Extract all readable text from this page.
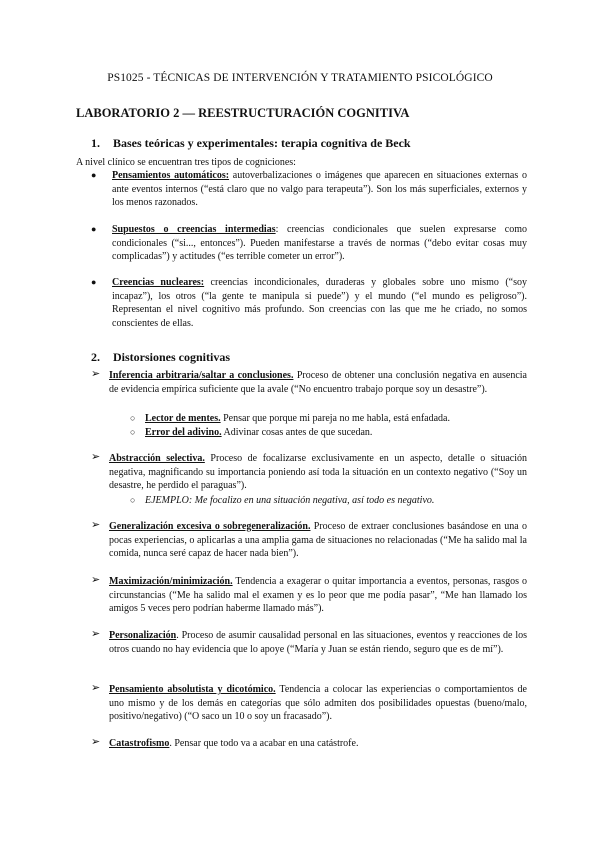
PS1025 - TÉCNICAS DE INTERVENCIÓN Y TRATAMIENTO PSICOLÓGICO
LABORATORIO 2 — REESTRUCTURACIÓN COGNITIVA
1. Bases teóricas y experimentales: terapia cognitiva de Beck
A nivel clínico se encuentran tres tipos de cogniciones:
● Pensamientos automáticos: autoverbalizaciones o imágenes que aparecen en situaciones externas o ante eventos internos (“está claro que no valgo para terapeuta”). Son los más superficiales, externos y los menos razonados.
● Supuestos o creencias intermedias: creencias condicionales que suelen expresarse como condicionales (“si..., entonces”). Pueden manifestarse a través de normas (“debo evitar cosas muy complicadas”) y actitudes (“es terrible cometer un error”).
● Creencias nucleares: creencias incondicionales, duraderas y globales sobre uno mismo (“soy incapaz”), los otros (“la gente te manipula si puede”) y el mundo (“el mundo es peligroso”). Representan el nivel cognitivo más profundo. Son creencias con las que me he criado, no somos conscientes de ellas.
2. Distorsiones cognitivas
➢ Inferencia arbitraria/saltar a conclusiones. Proceso de obtener una conclusión negativa en ausencia de evidencia empírica suficiente que la avale (“No encuentro trabajo porque soy un desastre”).
○ Lector de mentes. Pensar que porque mi pareja no me habla, está enfadada.
○ Error del adivino. Adivinar cosas antes de que sucedan.
➢ Abstracción selectiva. Proceso de focalizarse exclusivamente en un aspecto, detalle o situación negativa, magnificando su importancia poniendo así toda la situación en un contexto negativo (“Soy un desastre, he perdido el paraguas”).
○ EJEMPLO: Me focalizo en una situación negativa, así todo es negativo.
➢ Generalización excesiva o sobregeneralización. Proceso de extraer conclusiones basándose en una o pocas experiencias, o aplicarlas a una amplia gama de situaciones no relacionadas (“Me ha salido mal la comida, nunca seré capaz de hacer nada bien”).
➢ Maximización/minimización. Tendencia a exagerar o quitar importancia a eventos, personas, rasgos o circunstancias (“Me ha salido mal el examen y es lo peor que me podía pasar”, “Me han llamado los amigos 5 veces pero podrían haberme llamado más”).
➢ Personalización. Proceso de asumir causalidad personal en las situaciones, eventos y reacciones de los otros cuando no hay evidencia que lo apoye (“María y Juan se están riendo, seguro que es de mí”).
➢ Pensamiento absolutista y dicotómico. Tendencia a colocar las experiencias o comportamientos de uno mismo y de los demás en categorías que sólo admiten dos posibilidades opuestas (bueno/malo, positivo/negativo) (“O saco un 10 o soy un fracasado”).
➢ Catastrofismo. Pensar que todo va a acabar en una catástrofe.
